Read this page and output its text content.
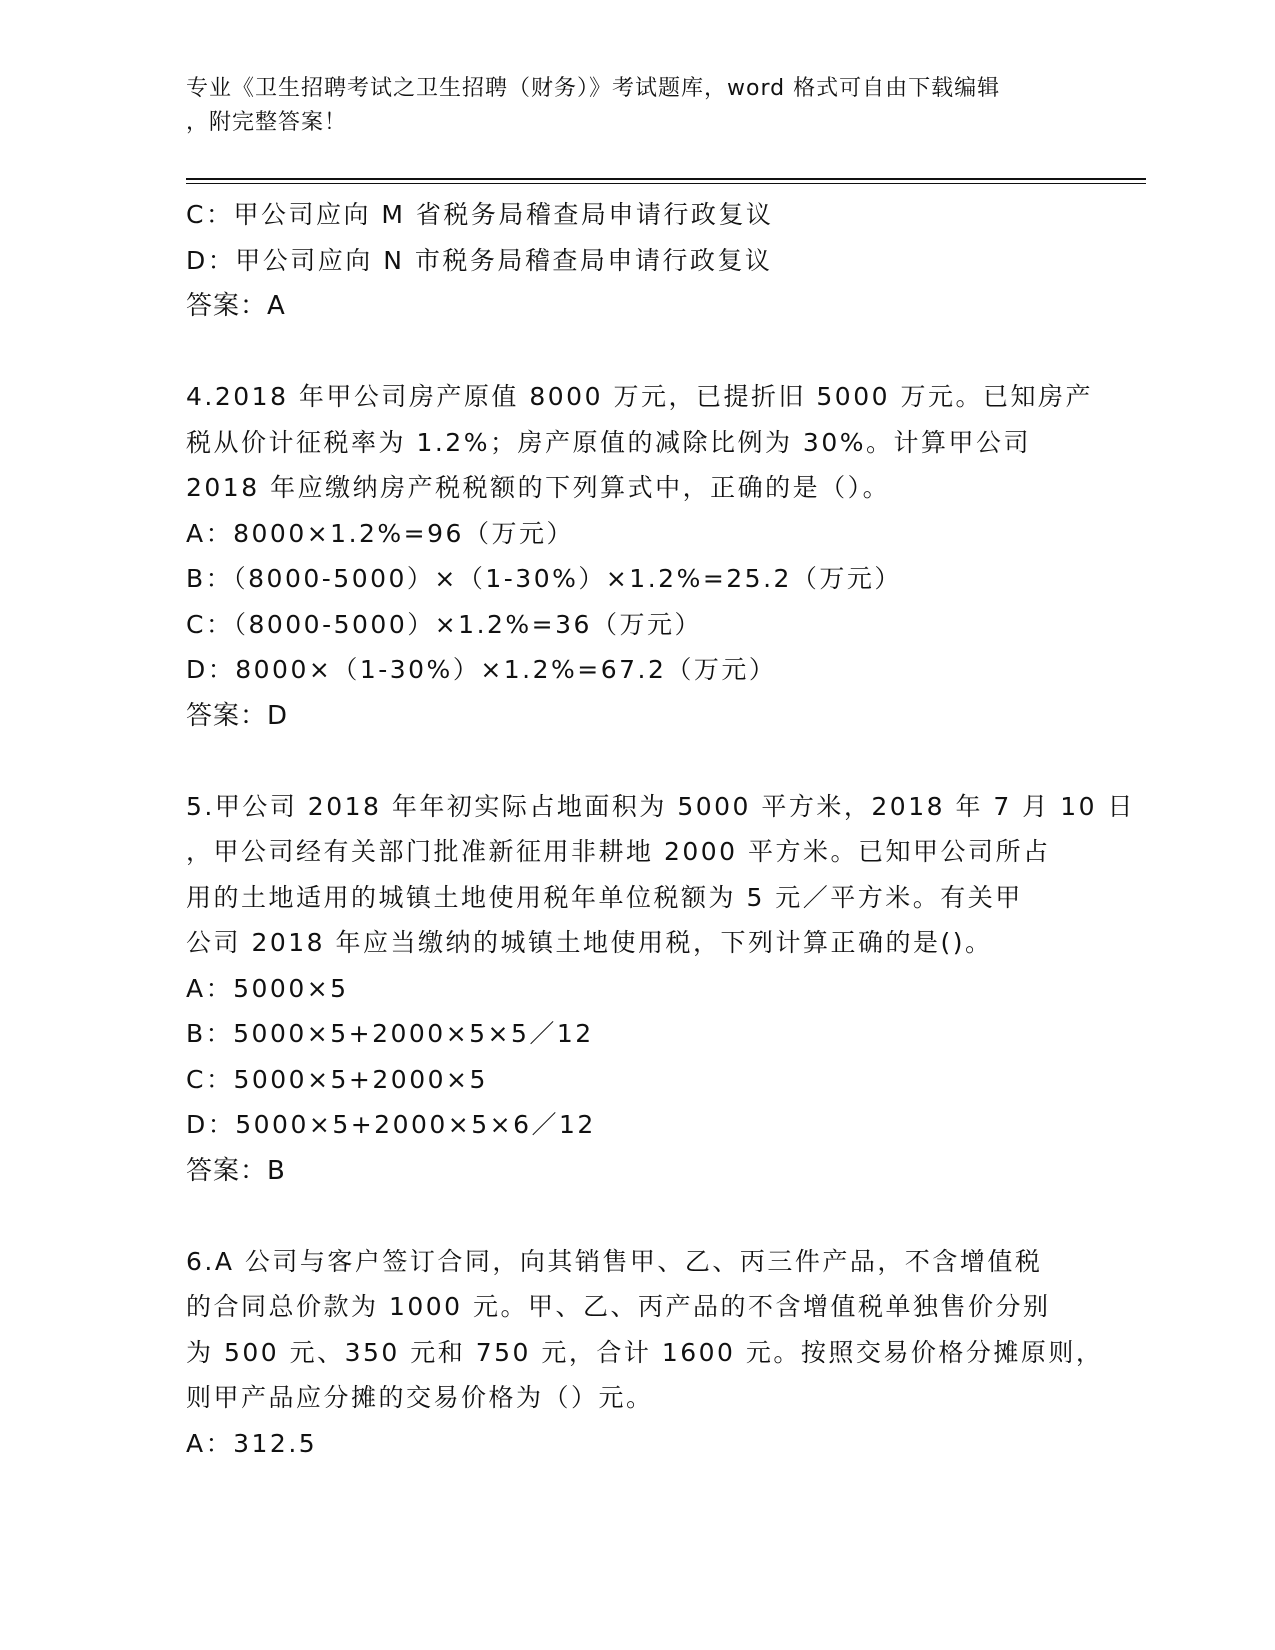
专业《卫生招聘考试之卫生招聘（财务）》考试题库，word 格式可自由下载编辑
，附完整答案！
C：甲公司应向 M 省税务局稽查局申请行政复议
D：甲公司应向 N 市税务局稽查局申请行政复议
答案：A
4.2018 年甲公司房产原值 8000 万元，已提折旧 5000 万元。已知房产
税从价计征税率为 1.2%；房产原值的减除比例为 30%。计算甲公司
2018 年应缴纳房产税税额的下列算式中，正确的是（）。
A：8000×1.2%=96（万元）
B：（8000-5000）×（1-30%）×1.2%=25.2（万元）
C：（8000-5000）×1.2%=36（万元）
D：8000×（1-30%）×1.2%=67.2（万元）
答案：D
5.甲公司 2018 年年初实际占地面积为 5000 平方米，2018 年 7 月 10 日
，甲公司经有关部门批准新征用非耕地 2000 平方米。已知甲公司所占
用的土地适用的城镇土地使用税年单位税额为 5 元／平方米。有关甲
公司 2018 年应当缴纳的城镇土地使用税，下列计算正确的是()。
A：5000×5
B：5000×5+2000×5×5／12
C：5000×5+2000×5
D：5000×5+2000×5×6／12
答案：B
6.A 公司与客户签订合同，向其销售甲、乙、丙三件产品，不含增值税
的合同总价款为 1000 元。甲、乙、丙产品的不含增值税单独售价分别
为 500 元、350 元和 750 元，合计 1600 元。按照交易价格分摊原则，
则甲产品应分摊的交易价格为（）元。
A：312.5
